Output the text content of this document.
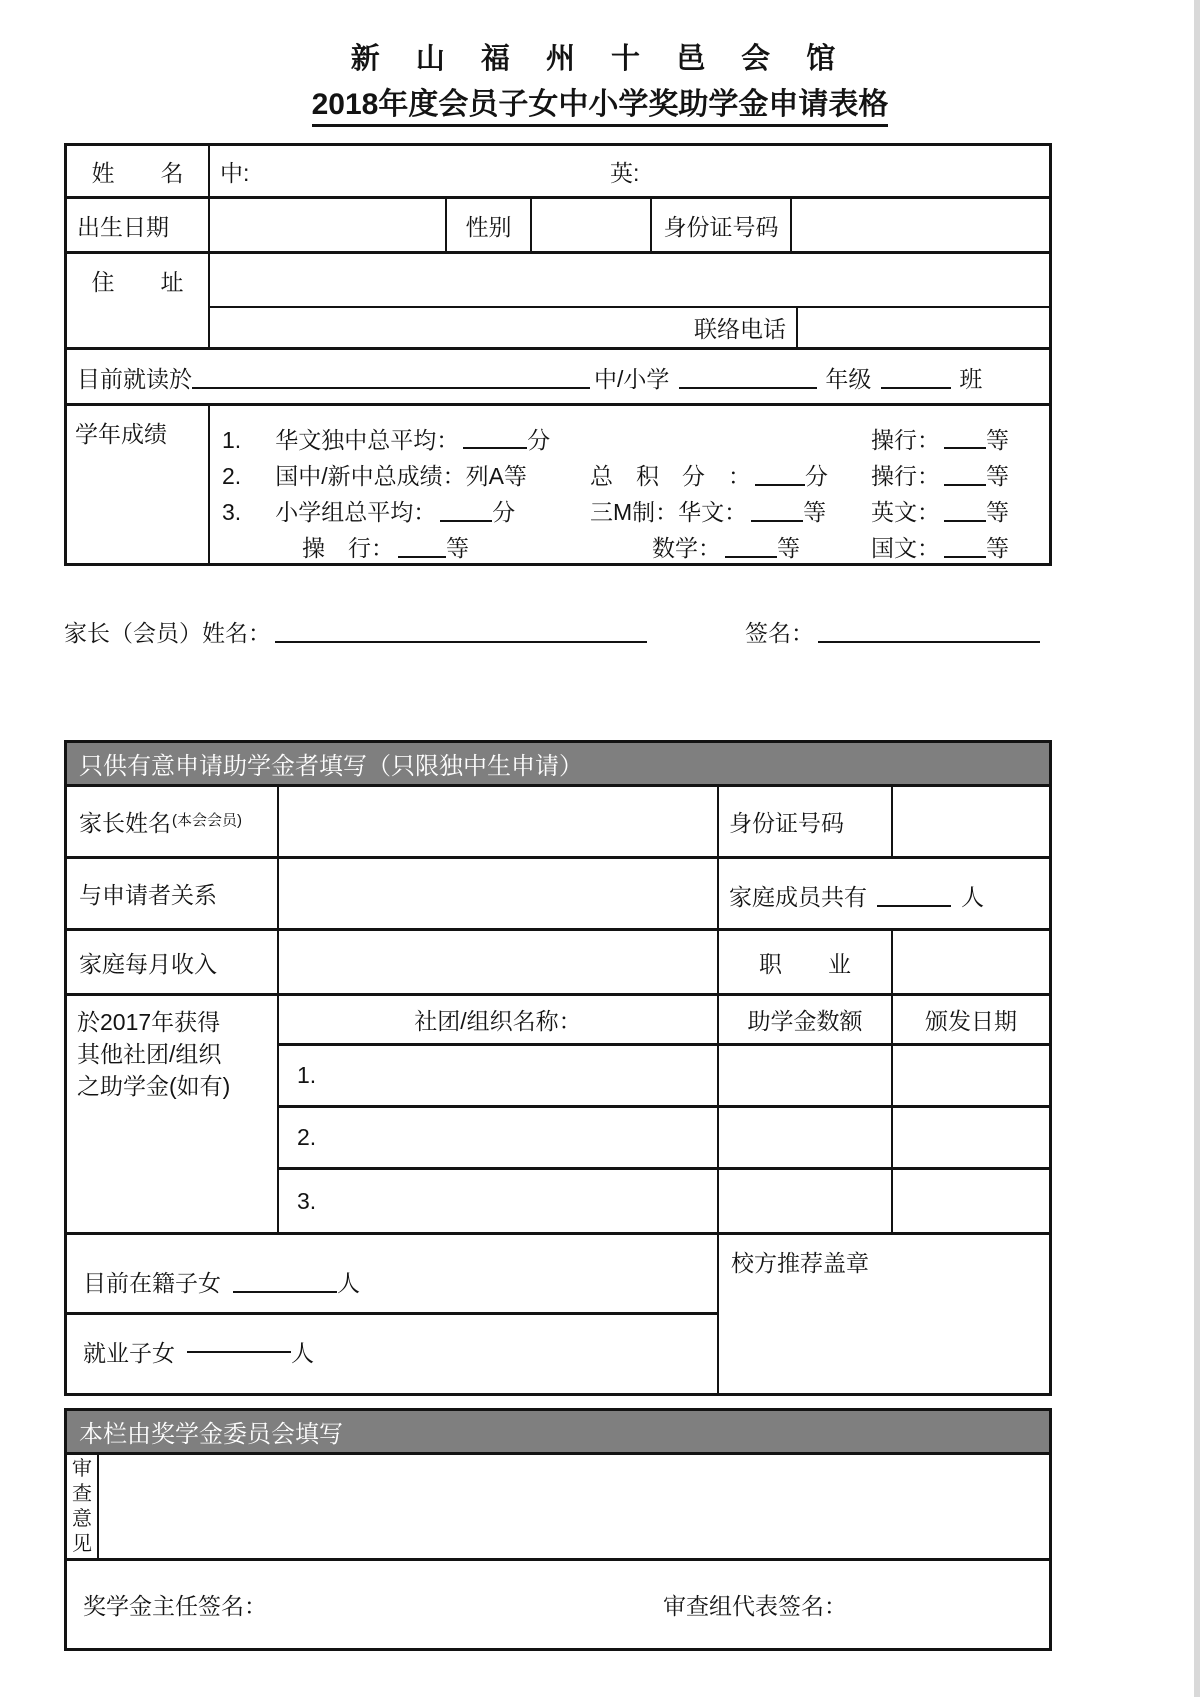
新 山 福 州 十 邑 会 馆
2018年度会员子女中小学奖助学金申请表格
姓　　名	中:	英:
出生日期	性别	身份证号码
住　　址
联络电话
目前就读於	中/小学	年级	班
学年成绩	1. 华文独中总平均：	分	操行： 等
2. 国中/新中总成绩：列A等	总　积　分　： 分 操行： 等
3. 小学组总平均： 分	三M制：华文： 等 英文： 等
操　行： 等	数学： 等	国文： 等
家长（会员）姓名：	签名：
只供有意申请助学金者填写（只限独中生申请）
家长姓名 (本会会员)	身份证号码
与申请者关系	家庭成员共有	人
家庭每月收入	职　　业
於2017年获得
其他社团/组织
之助学金(如有)
社团/组织名称：	助学金数额	颁发日期
1.
2.
3.
目前在籍子女	人
就业子女	人
校方推荐盖章
本栏由奖学金委员会填写
审
查
意
见
奖学金主任签名：	审查组代表签名：
